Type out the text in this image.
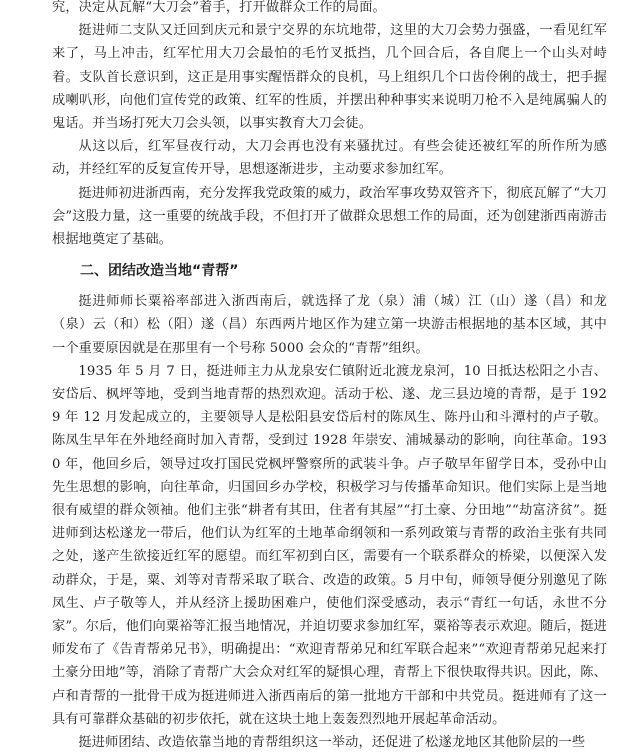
究，决定从瓦解“大刀会”着手，打开做群众工作的局面。

挺进师二支队又迁回到庆元和景宁交界的东坑地带，这里的大刀会势力强盛，一看见红军来了，马上冲击，红军忙用大刀会最怕的毛竹叉抵挡，几个回合后，各自爬上一个山头对峙着。支队首长意识到，这正是用事实醒悟群众的良机，马上组织几个口齿伶俐的战士，把手握成喇叭形，向他们宣传党的政策、红军的性质，并摆出种种事实来说明刀枪不入是纯属骗人的鬼话。并当场打死大刀会头领，以事实教育大刀会徒。

从这以后，红军昼夜行动，大刀会再也没有来骚扰过。有些会徒还被红军的所作所为感动，并经红军的反复宣传开导，思想逐渐进步，主动要求参加红军。

挺进师初进浙西南，充分发挥我党政策的威力，政治军事攻势双管齐下，彻底瓦解了“大刀会”这股力量，这一重要的统战手段，不但打开了做群众思想工作的局面，还为创建浙西南游击根据地奠定了基础。

二、团结改造当地“青帮”

挺进师师长粟裕率部进入浙西南后，就选择了龙（泉）浦（城）江（山）遂（昌）和龙（泉）云（和）松（阳）遂（昌）东西两片地区作为建立第一块游击根据地的基本区域，其中一个重要原因就是在那里有一个号称 5000 会众的“青帮”组织。

1935 年 5 月 7 日，挺进师主力从龙泉安仁镇附近北渡龙泉河，10 日抵达松阳之小吉、安岱后、枫坪等地，受到当地青帮的热烈欢迎。活动于松、遂、龙三县边境的青帮，是于 1929 年 12 月发起成立的，主要领导人是松阳县安岱后村的陈凤生、陈丹山和斗潭村的卢子敬。陈凤生早年在外地经商时加入青帮，受到过 1928 年崇安、浦城暴动的影响，向往革命。1930 年，他回乡后，领导过攻打国民党枫坪警察所的武装斗争。卢子敬早年留学日本，受孙中山先生思想的影响，向往革命，归国回乡办学校，积极学习与传播革命知识。他们实际上是当地很有威望的群众领袖。他们主张“耕者有其田，住者有其屋”“打土豪、分田地”“劫富济贫”。挺进师到达松遂龙一带后，他们认为红军的土地革命纲领和一系列政策与青帮的政治主张有共同之处，遂产生欲接近红军的愿望。而红军初到白区，需要有一个联系群众的桥梁，以便深入发动群众，于是，粟、刘等对青帮采取了联合、改造的政策。5 月中旬，师领导便分别邀见了陈凤生、卢子敬等人，并从经济上援助困难户，使他们深受感动，表示“青红一句话，永世不分家”。尔后，他们向粟裕等汇报当地情况，并迫切要求参加红军，粟裕等表示欢迎。随后，挺进师发布了《告青帮弟兄书》，明确提出：“欢迎青帮弟兄和红军联合起来”“欢迎青帮弟兄起来打土豪分田地”等，消除了青帮广大会众对红军的疑惧心理，青帮上下很快取得共识。因此，陈、卢和青帮的一批骨干成为挺进师进入浙西南后的第一批地方干部和中共党员。挺进师有了这一具有可靠群众基础的初步依托，就在这块土地上轰轰烈烈地开展起革命活动。

挺进师团结、改造依靠当地的青帮组织这一举动，还促进了松遂龙地区其他阶层的一些
